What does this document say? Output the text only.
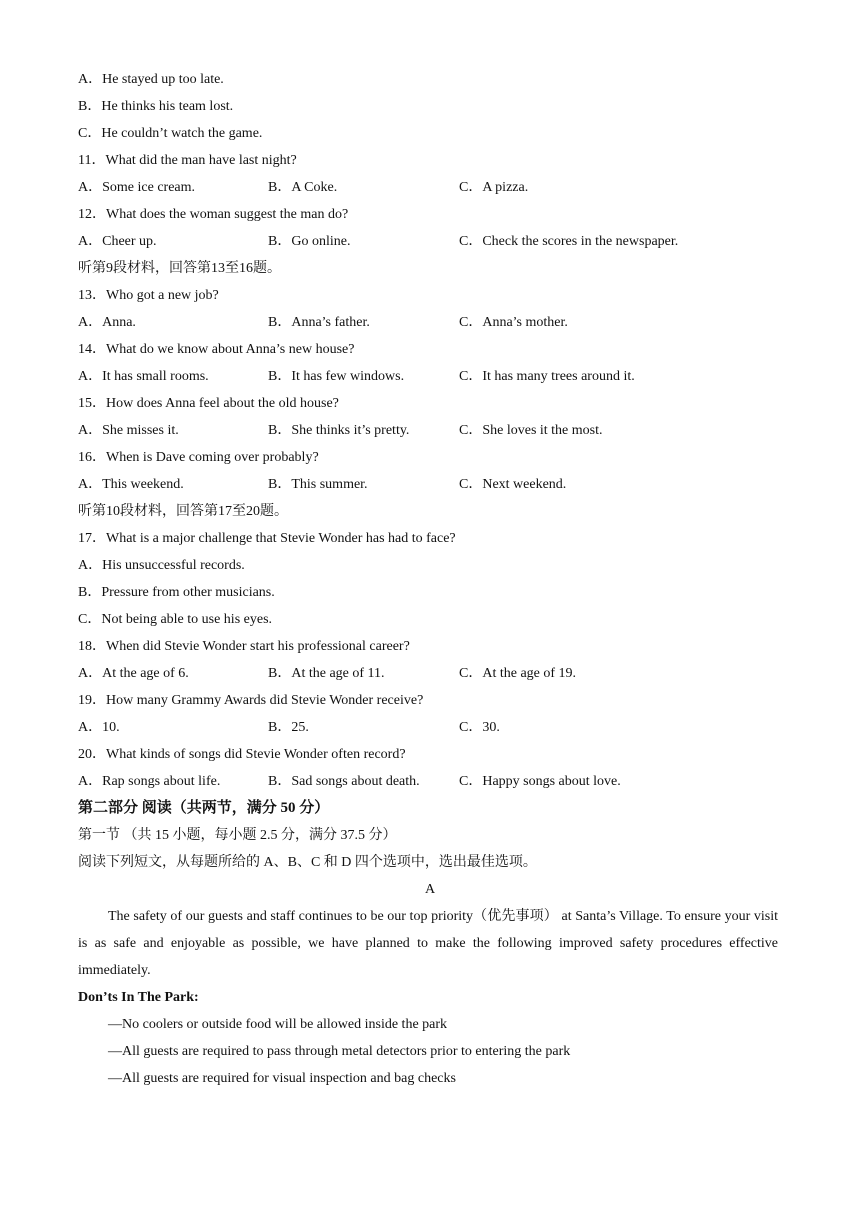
A．He stayed up too late.
B．He thinks his team lost.
C．He couldn’t watch the game.
11．What did the man have last night?
A．Some ice cream.	B．A Coke.	C．A pizza.
12．What does the woman suggest the man do?
A．Cheer up.	B．Go online.	C．Check the scores in the newspaper.
听第9段材料，回答第13至16题。
13．Who got a new job?
A．Anna.	B．Anna’s father.	C．Anna’s mother.
14．What do we know about Anna’s new house?
A．It has small rooms.	B．It has few windows.	C．It has many trees around it.
15．How does Anna feel about the old house?
A．She misses it.	B．She thinks it’s pretty.	C．She loves it the most.
16．When is Dave coming over probably?
A．This weekend.	B．This summer.	C．Next weekend.
听第10段材料，回答第17至20题。
17．What is a major challenge that Stevie Wonder has had to face?
A．His unsuccessful records.
B．Pressure from other musicians.
C．Not being able to use his eyes.
18．When did Stevie Wonder start his professional career?
A．At the age of 6.	B．At the age of 11.	C．At the age of 19.
19．How many Grammy Awards did Stevie Wonder receive?
A．10.	B．25.	C．30.
20．What kinds of songs did Stevie Wonder often record?
A．Rap songs about life.	B．Sad songs about death.	C．Happy songs about love.
第二部分 阅读（共两节，满分 50 分）
第一节 （共 15 小题，每小题 2.5 分，满分 37.5 分）
阅读下列短文，从每题所给的 A、B、C 和 D 四个选项中，选出最佳选项。
A
The safety of our guests and staff continues to be our top priority（优先事项） at Santa’s Village. To ensure your visit is as safe and enjoyable as possible, we have planned to make the following improved safety procedures effective immediately.
Don’ts In The Park:
—No coolers or outside food will be allowed inside the park
—All guests are required to pass through metal detectors prior to entering the park
—All guests are required for visual inspection and bag checks
